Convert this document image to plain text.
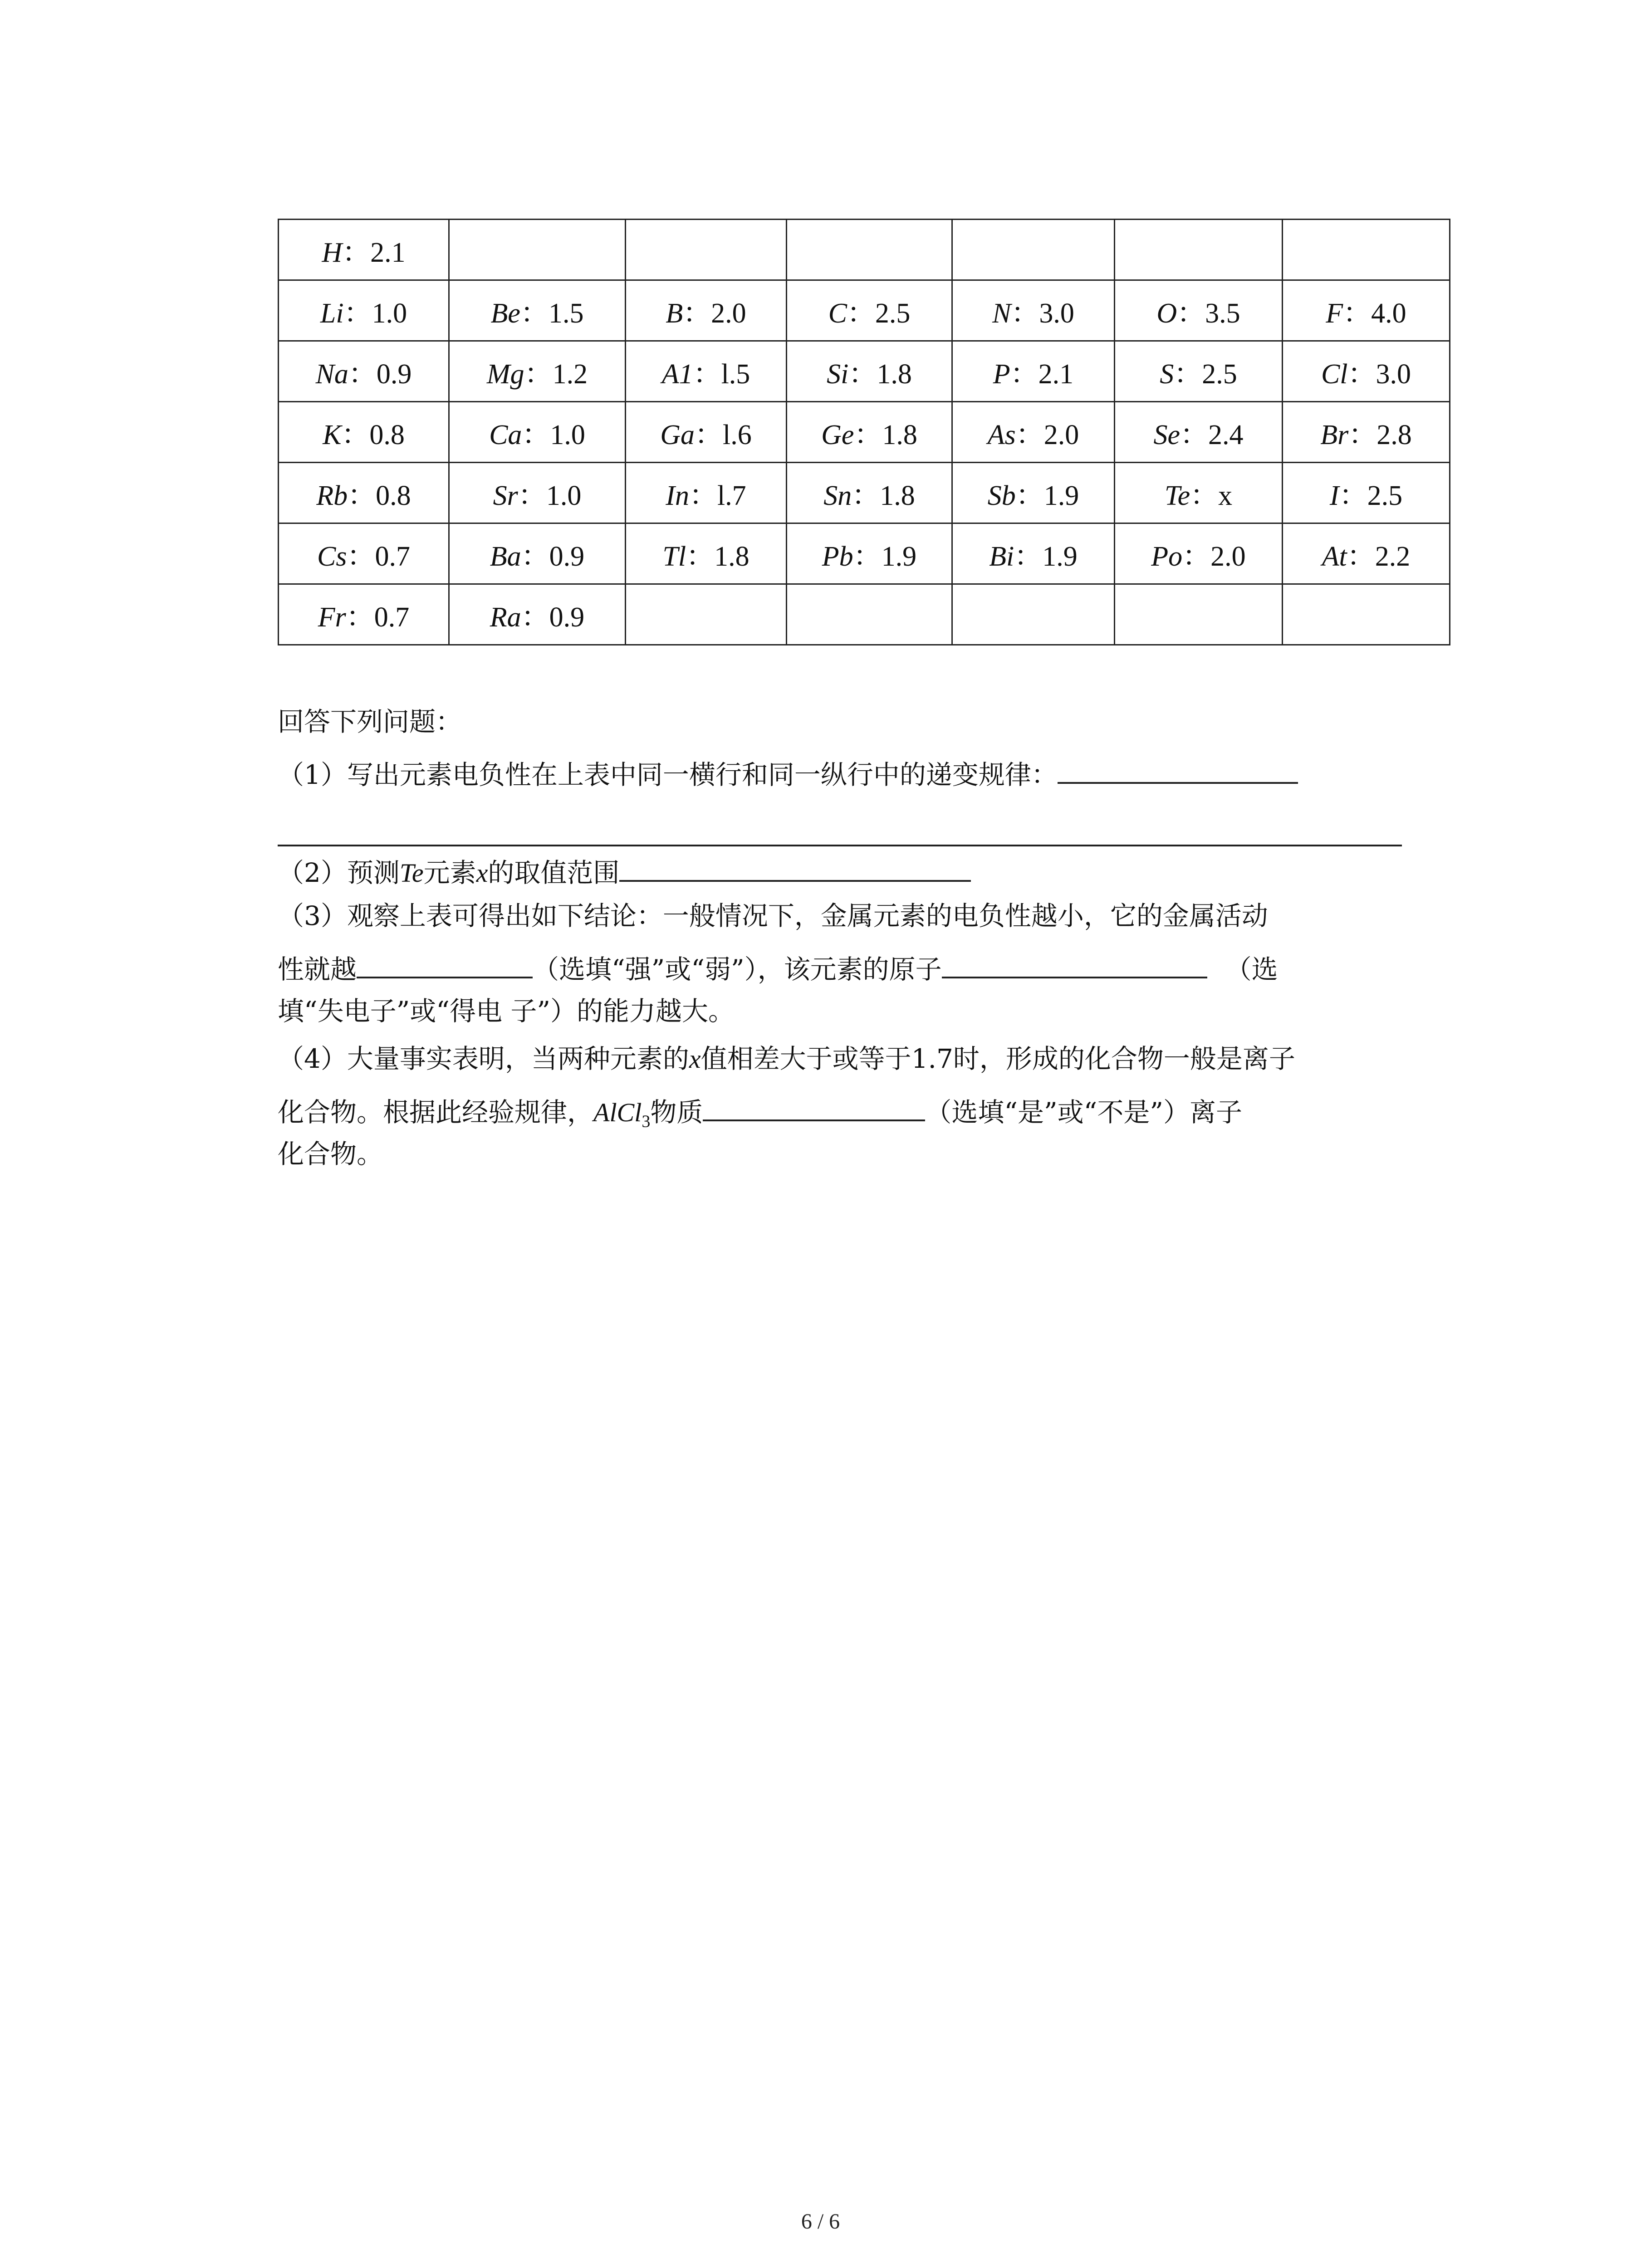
H：2.1						
Li：1.0	Be：1.5	B：2.0	C：2.5	N：3.0	O：3.5	F：4.0
Na：0.9	Mg：1.2	A1：l.5	Si：1.8	P：2.1	S：2.5	Cl：3.0
K：0.8	Ca：1.0	Ga：l.6	Ge：1.8	As：2.0	Se：2.4	Br：2.8
Rb：0.8	Sr：1.0	In：l.7	Sn：1.8	Sb：1.9	Te：x	I：2.5
Cs：0.7	Ba：0.9	Tl：1.8	Pb：1.9	Bi：1.9	Po：2.0	At：2.2
Fr：0.7	Ra：0.9					
回答下列问题：
（1）写出元素电负性在上表中同一横行和同一纵行中的递变规律：
（2）预测Te元素x的取值范围
（3）观察上表可得出如下结论：一般情况下，金属元素的电负性越小，它的金属活动
性就越	（选填“强”或“弱”），该元素的原子	（选
填“失电子”或“得电 子”）的能力越大。
（4）大量事实表明，当两种元素的x值相差大于或等于1.7时，形成的化合物一般是离子
化合物。根据此经验规律，AlCl$_3$物质	（选填“是”或“不是”）离子
化合物。
6 / 6
